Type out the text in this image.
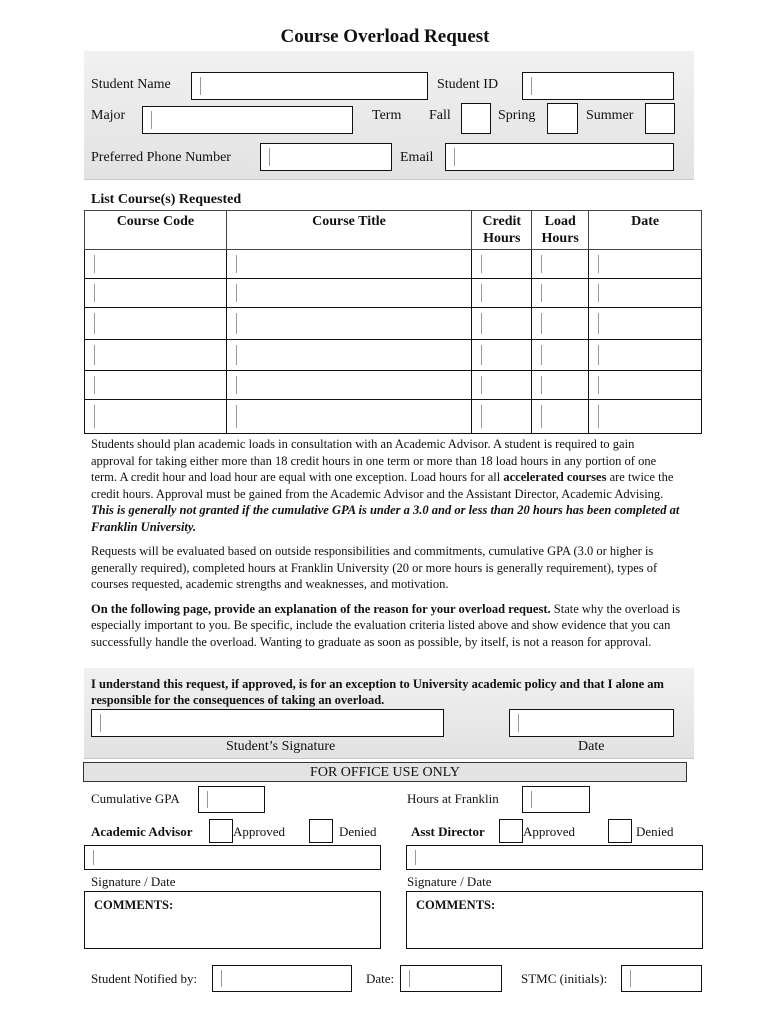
Course Overload Request
Student Name	Student ID
Major	Term Fall	Spring	Summer
Preferred Phone Number	Email
List Course(s) Requested
Course Code	Course Title	Credit Hours	Load Hours	Date

Students should plan academic loads in consultation with an Academic Advisor. A student is required to gain approval for taking either more than 18 credit hours in one term or more than 18 load hours in any portion of one term. A credit hour and load hour are equal with one exception. Load hours for all accelerated courses are twice the credit hours. Approval must be gained from the Academic Advisor and the Assistant Director, Academic Advising. This is generally not granted if the cumulative GPA is under a 3.0 and or less than 20 hours has been completed at Franklin University.

Requests will be evaluated based on outside responsibilities and commitments, cumulative GPA (3.0 or higher is generally required), completed hours at Franklin University (20 or more hours is generally requirement), types of courses requested, academic strengths and weaknesses, and motivation.

On the following page, provide an explanation of the reason for your overload request. State why the overload is especially important to you. Be specific, include the evaluation criteria listed above and show evidence that you can successfully handle the overload. Wanting to graduate as soon as possible, by itself, is not a reason for approval.

I understand this request, if approved, is for an exception to University academic policy and that I alone am responsible for the consequences of taking an overload.
Student’s Signature	Date
FOR OFFICE USE ONLY
Cumulative GPA	Hours at Franklin
Academic Advisor	Approved	Denied	Asst Director	Approved	Denied
Signature / Date	Signature / Date
COMMENTS:	COMMENTS:
Student Notified by:	Date:	STMC (initials):
